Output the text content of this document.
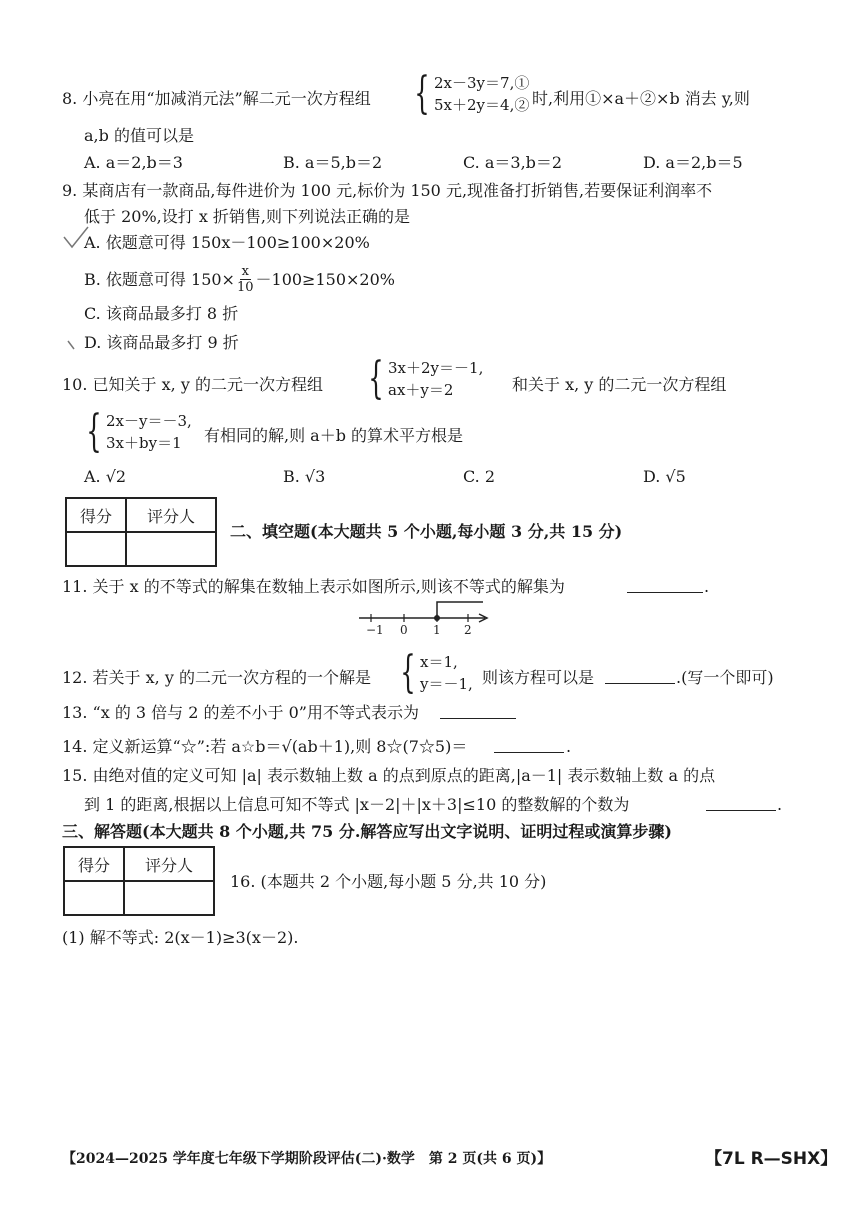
8. 小亮在用“加减消元法”解二元一次方程组 { 2x－3y＝7,①
5x＋2y＝4,② 时,利用①×a＋②×b 消去 y,则
a,b 的值可以是
A. a＝2,b＝3	B. a＝5,b＝2	C. a＝3,b＝2	D. a＝2,b＝5
9. 某商店有一款商品,每件进价为 100 元,标价为 150 元,现准备打折销售,若要保证利润率不
低于 20%,设打 x 折销售,则下列说法正确的是
A. 依题意可得 150x－100≥100×20%
B. 依题意可得 $150\times \frac{x}{10} -100\ge 150\times 20\%$
C. 该商品最多打 8 折
D. 该商品最多打 9 折
10. 已知关于 x, y 的二元一次方程组 { 3x＋2y＝－1,
ax＋y＝2	和关于 x, y 的二元一次方程组
{ 2x－y＝－3,
3x＋by＝1	有相同的解,则 a＋b 的算术平方根是
A. √2	B. √3	C. 2	D. √5
得分	评分人

二、填空题(本大题共 5 个小题,每小题 3 分,共 15 分)
11. 关于 x 的不等式的解集在数轴上表示如图所示,则该不等式的解集为	.
−1 0 1 2
12. 若关于 x, y 的二元一次方程的一个解是 { x＝1,
y＝－1, 则该方程可以是	.(写一个即可)
13. “x 的 3 倍与 2 的差不小于 0”用不等式表示为
14. 定义新运算“☆”:若 a☆b＝√(ab＋1),则 8☆(7☆5)＝	.
15. 由绝对值的定义可知 |a| 表示数轴上数 a 的点到原点的距离,|a－1| 表示数轴上数 a 的点
到 1 的距离,根据以上信息可知不等式 |x－2|＋|x＋3|≤10 的整数解的个数为	.
三、解答题(本大题共 8 个小题,共 75 分.解答应写出文字说明、证明过程或演算步骤)
得分	评分人

16. (本题共 2 个小题,每小题 5 分,共 10 分)
(1) 解不等式: 2(x－1)≥3(x－2).
【2024—2025 学年度七年级下学期阶段评估(二)·数学　第 2 页(共 6 页)】	【7L R—SHX】
